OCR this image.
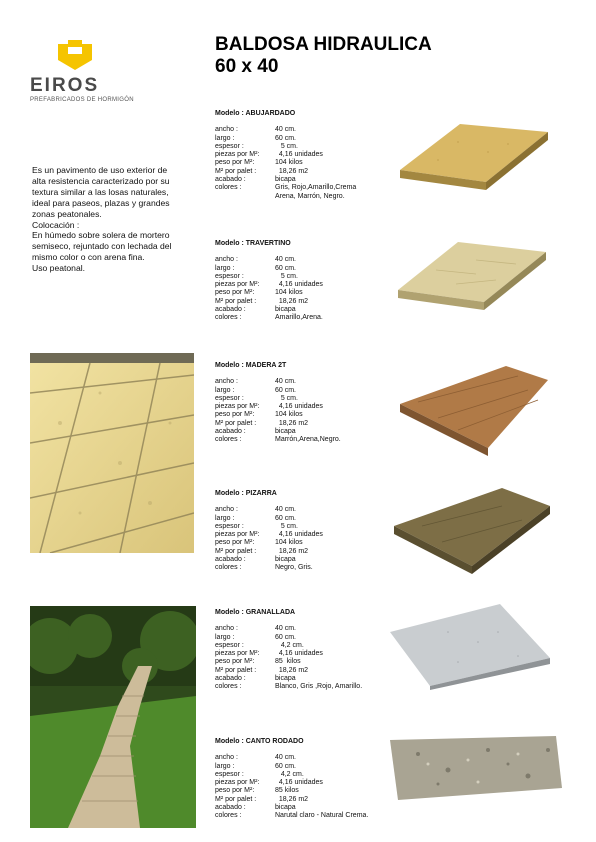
EIROS
PREFABRICADOS DE HORMIGÓN
BALDOSA HIDRAULICA
60 x 40
Es un pavimento de uso exterior de
alta resistencia caracterizado por su
textura similar a las losas naturales,
ideal para paseos, plazas y grandes
zonas peatonales.
Colocación :
En húmedo sobre solera de mortero
semiseco, rejuntado con lechada del
mismo color o con arena fina.
Uso peatonal.
Modelo : ABUJARDADO
ancho :	40 cm.
largo :	60 cm.
espesor :	5 cm.
piezas por M²:	4,16 unidades
peso por M²:	104 kilos
M² por palet :	18,26 m2
acabado :	bicapa
colores :	Gris, Rojo,Amarillo,Crema
Arena, Marrón, Negro.
Modelo : TRAVERTINO
ancho :	40 cm.
largo :	60 cm.
espesor :	5 cm.
piezas por M²:	4,16 unidades
peso por M²:	104 kilos
M² por palet :	18,26 m2
acabado :	bicapa
colores :	Amarillo,Arena.
Modelo : MADERA 2T
ancho :	40 cm.
largo :	60 cm.
espesor :	5 cm.
piezas por M²:	4,16 unidades
peso por M²:	104 kilos
M² por palet :	18,26 m2
acabado :	bicapa
colores :	Marrón,Arena,Negro.
Modelo : PIZARRA
ancho :	40 cm.
largo :	60 cm.
espesor :	5 cm.
piezas por M²:	4,16 unidades
peso por M²:	104 kilos
M² por palet :	18,26 m2
acabado :	bicapa
colores :	Negro, Gris.
Modelo : GRANALLADA
ancho :	40 cm.
largo :	60 cm.
espesor :	4,2 cm.
piezas por M²:	4,16 unidades
peso por M²:	85  kilos
M² por palet :	18,26 m2
acabado :	bicapa
colores :	Blanco, Gris ,Rojo, Amarillo.
Modelo : CANTO RODADO
ancho :	40 cm.
largo :	60 cm.
espesor :	4,2 cm.
piezas por M²:	4,16 unidades
peso por M²:	85 kilos
M² por palet :	18,26 m2
acabado :	bicapa
colores :	Narutal claro - Natural Crema.
